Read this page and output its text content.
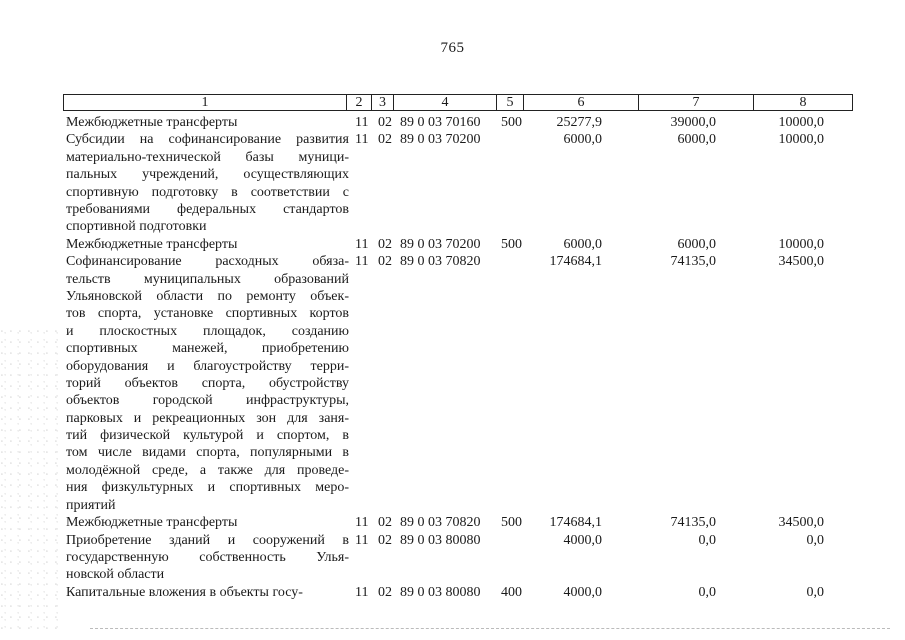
765
1	2	3	4	5	6	7	8
Межбюджетные трансферты	11 02 89 0 03 70160 500	25277,9	39000,0	10000,0
Субсидии на софинансирование развития
материально-технической базы муници-
пальных учреждений, осуществляющих
спортивную подготовку в соответствии с
требованиями федеральных стандартов
спортивной подготовки
11 02 89 0 03 70200	6000,0	6000,0	10000,0
Межбюджетные трансферты	11 02 89 0 03 70200 500	6000,0	6000,0	10000,0
Софинансирование расходных обяза-
тельств муниципальных образований
Ульяновской области по ремонту объек-
тов спорта, установке спортивных кортов
и плоскостных площадок, созданию
спортивных манежей, приобретению
оборудования и благоустройству терри-
торий объектов спорта, обустройству
объектов городской инфраструктуры,
парковых и рекреационных зон для заня-
тий физической культурой и спортом, в
том числе видами спорта, популярными в
молодёжной среде, а также для проведе-
ния физкультурных и спортивных меро-
приятий
11 02 89 0 03 70820	174684,1	74135,0	34500,0
Межбюджетные трансферты	11 02 89 0 03 70820 500 174684,1	74135,0	34500,0
Приобретение зданий и сооружений в
государственную собственность Улья-
новской области
11 02 89 0 03 80080	4000,0	0,0	0,0
Капитальные вложения в объекты госу-	11 02 89 0 03 80080 400	4000,0	0,0	0,0
